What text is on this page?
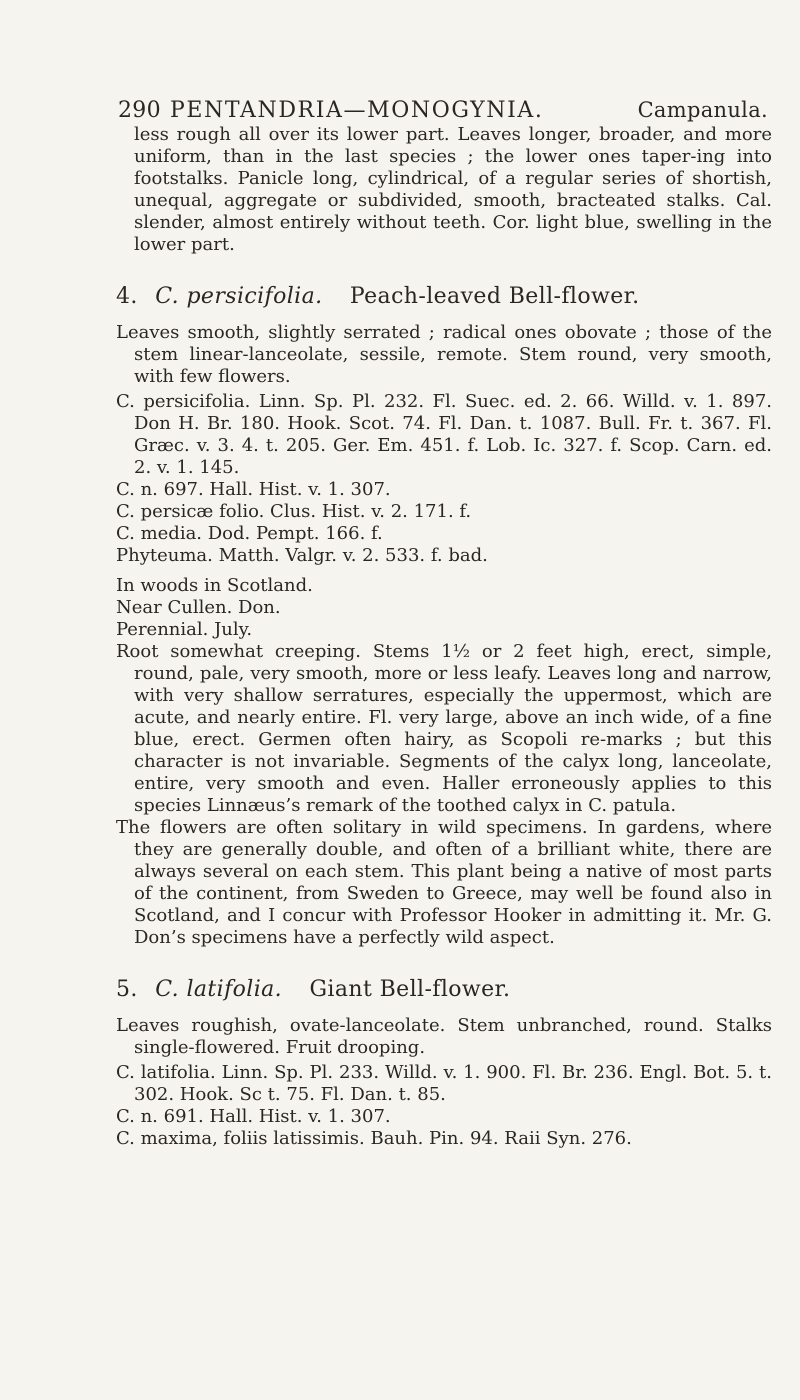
290 PENTANDRIA—MONOGYNIA.	Campanula.

less rough all over its lower part. Leaves longer, broader, and more uniform, than in the last species ; the lower ones taper-ing into footstalks. Panicle long, cylindrical, of a regular series of shortish, unequal, aggregate or subdivided, smooth, bracteated stalks. Cal. slender, almost entirely without teeth. Cor. light blue, swelling in the lower part.

4. C. persicifolia. Peach-leaved Bell-flower.

Leaves smooth, slightly serrated ; radical ones obovate ; those of the stem linear-lanceolate, sessile, remote. Stem round, very smooth, with few flowers.

C. persicifolia. Linn. Sp. Pl. 232. Fl. Suec. ed. 2. 66. Willd. v. 1. 897. Don H. Br. 180. Hook. Scot. 74. Fl. Dan. t. 1087. Bull. Fr. t. 367. Fl. Græc. v. 3. 4. t. 205. Ger. Em. 451. f. Lob. Ic. 327. f. Scop. Carn. ed. 2. v. 1. 145.

C. n. 697. Hall. Hist. v. 1. 307.

C. persicæ folio. Clus. Hist. v. 2. 171. f.

C. media. Dod. Pempt. 166. f.

Phyteuma. Matth. Valgr. v. 2. 533. f. bad.

In woods in Scotland.

Near Cullen. Don.

Perennial. July.

Root somewhat creeping. Stems 1½ or 2 feet high, erect, simple, round, pale, very smooth, more or less leafy. Leaves long and narrow, with very shallow serratures, especially the uppermost, which are acute, and nearly entire. Fl. very large, above an inch wide, of a fine blue, erect. Germen often hairy, as Scopoli re-marks ; but this character is not invariable. Segments of the calyx long, lanceolate, entire, very smooth and even. Haller erroneously applies to this species Linnæus’s remark of the toothed calyx in C. patula.

The flowers are often solitary in wild specimens. In gardens, where they are generally double, and often of a brilliant white, there are always several on each stem. This plant being a native of most parts of the continent, from Sweden to Greece, may well be found also in Scotland, and I concur with Professor Hooker in admitting it. Mr. G. Don’s specimens have a perfectly wild aspect.

5. C. latifolia. Giant Bell-flower.

Leaves roughish, ovate-lanceolate. Stem unbranched, round. Stalks single-flowered. Fruit drooping.

C. latifolia. Linn. Sp. Pl. 233. Willd. v. 1. 900. Fl. Br. 236. Engl. Bot. 5. t. 302. Hook. Sc t. 75. Fl. Dan. t. 85.

C. n. 691. Hall. Hist. v. 1. 307.

C. maxima, foliis latissimis. Bauh. Pin. 94. Raii Syn. 276.
